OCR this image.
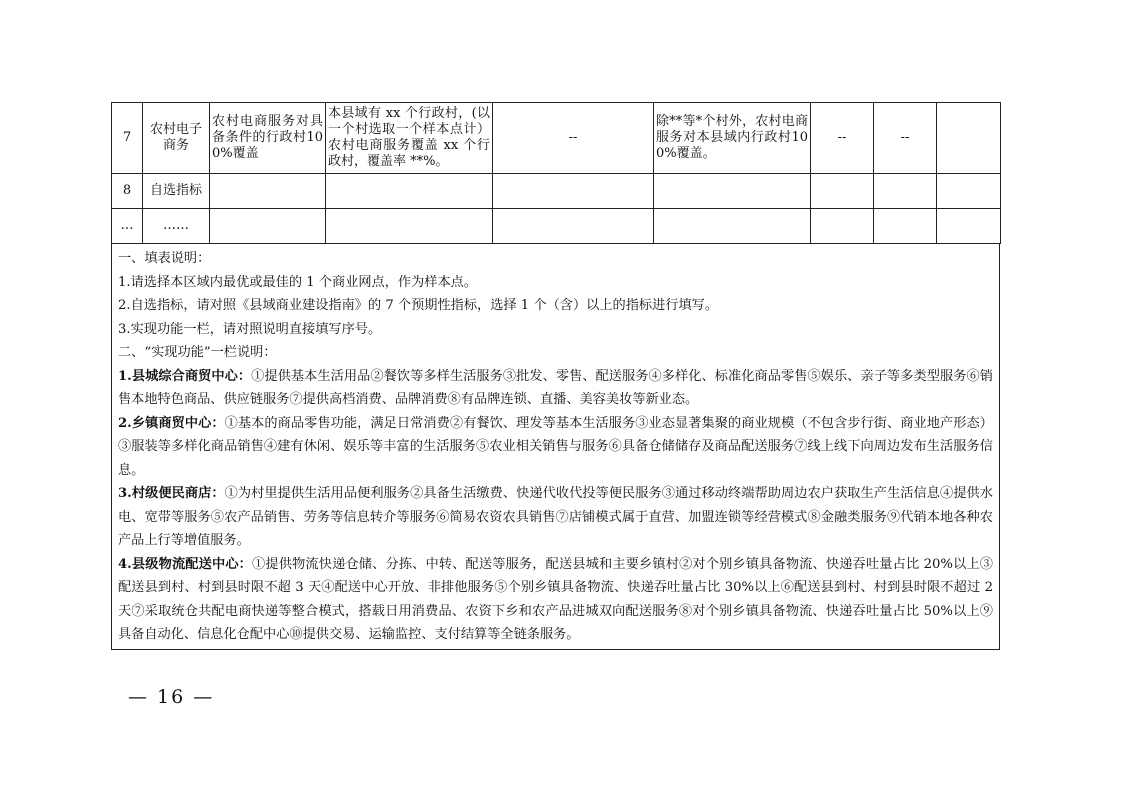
7	农村电子商务	农村电商服务对具备条件的行政村100%覆盖	本县域有 xx 个行政村，(以一个村选取一个样本点计）农村电商服务覆盖 xx 个行政村，覆盖率 **%。	--		除**等*个村外，农村电商服务对本县域内行政村100%覆盖。	--	--	
8	自选指标								
…	……								

一、填表说明：

1.请选择本区域内最优或最佳的 1 个商业网点，作为样本点。

2.自选指标，请对照《县域商业建设指南》的 7 个预期性指标，选择 1 个（含）以上的指标进行填写。

3.实现功能一栏，请对照说明直接填写序号。

二、“实现功能”一栏说明：

1.县城综合商贸中心：①提供基本生活用品②餐饮等多样生活服务③批发、零售、配送服务④多样化、标准化商品零售⑤娱乐、亲子等多类型服务⑥销售本地特色商品、供应链服务⑦提供高档消费、品牌消费⑧有品牌连锁、直播、美容美妆等新业态。

2.乡镇商贸中心：①基本的商品零售功能，满足日常消费②有餐饮、理发等基本生活服务③业态显著集聚的商业规模（不包含步行街、商业地产形态）③服装等多样化商品销售④建有休闲、娱乐等丰富的生活服务⑤农业相关销售与服务⑥具备仓储储存及商品配送服务⑦线上线下向周边发布生活服务信息。

3.村级便民商店：①为村里提供生活用品便利服务②具备生活缴费、快递代收代投等便民服务③通过移动终端帮助周边农户获取生产生活信息④提供水电、宽带等服务⑤农产品销售、劳务等信息转介等服务⑥简易农资农具销售⑦店铺模式属于直营、加盟连锁等经营模式⑧金融类服务⑨代销本地各种农产品上行等增值服务。

4.县级物流配送中心：①提供物流快递仓储、分拣、中转、配送等服务，配送县城和主要乡镇村②对个别乡镇具备物流、快递吞吐量占比 20%以上③配送县到村、村到县时限不超 3 天④配送中心开放、非排他服务⑤个别乡镇具备物流、快递吞吐量占比 30%以上⑥配送县到村、村到县时限不超过 2 天⑦采取统仓共配电商快递等整合模式，搭载日用消费品、农资下乡和农产品进城双向配送服务⑧对个别乡镇具备物流、快递吞吐量占比 50%以上⑨具备自动化、信息化仓配中心⑩提供交易、运输监控、支付结算等全链条服务。

— 16 —
